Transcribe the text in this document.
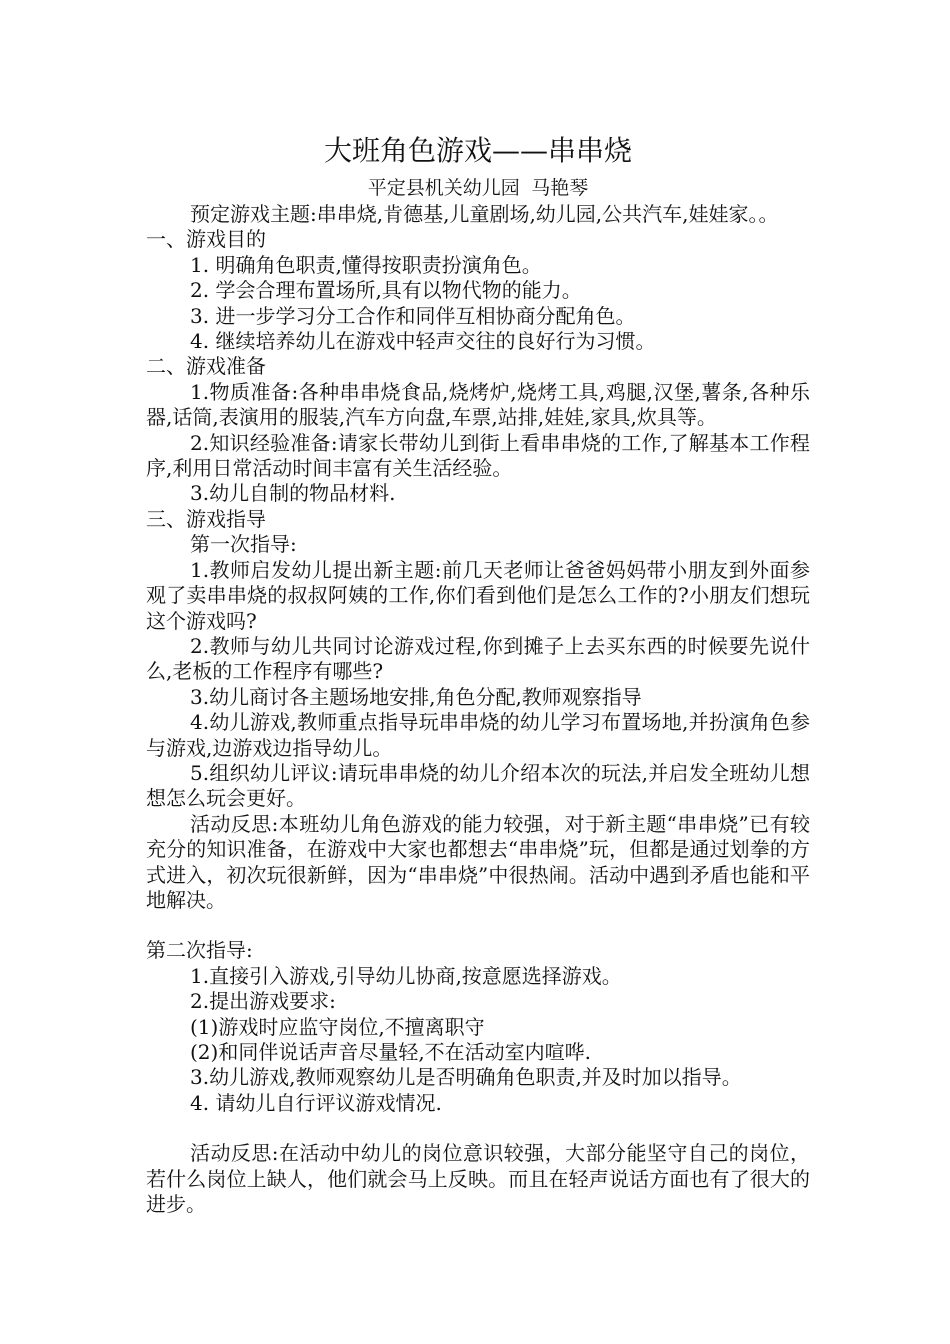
大班角色游戏——串串烧
平定县机关幼儿园 马艳琴

预定游戏主题:串串烧,肯德基,儿童剧场,幼儿园,公共汽车,娃娃家。。

一、游戏目的

1. 明确角色职责,懂得按职责扮演角色。

2. 学会合理布置场所,具有以物代物的能力。

3. 进一步学习分工合作和同伴互相协商分配角色。

4. 继续培养幼儿在游戏中轻声交往的良好行为习惯。

二、游戏准备

1.物质准备:各种串串烧食品,烧烤炉,烧烤工具,鸡腿,汉堡,薯条,各种乐器,话筒,表演用的服装,汽车方向盘,车票,站排,娃娃,家具,炊具等。

2.知识经验准备:请家长带幼儿到街上看串串烧的工作,了解基本工作程序,利用日常活动时间丰富有关生活经验。

3.幼儿自制的物品材料.

三、游戏指导

第一次指导:

1.教师启发幼儿提出新主题:前几天老师让爸爸妈妈带小朋友到外面参观了卖串串烧的叔叔阿姨的工作,你们看到他们是怎么工作的?小朋友们想玩这个游戏吗?

2.教师与幼儿共同讨论游戏过程,你到摊子上去买东西的时候要先说什么,老板的工作程序有哪些?

3.幼儿商讨各主题场地安排,角色分配,教师观察指导

4.幼儿游戏,教师重点指导玩串串烧的幼儿学习布置场地,并扮演角色参与游戏,边游戏边指导幼儿。

5.组织幼儿评议:请玩串串烧的幼儿介绍本次的玩法,并启发全班幼儿想想怎么玩会更好。

活动反思:本班幼儿角色游戏的能力较强，对于新主题“串串烧”已有较充分的知识准备，在游戏中大家也都想去“串串烧”玩，但都是通过划拳的方式进入，初次玩很新鲜，因为“串串烧”中很热闹。活动中遇到矛盾也能和平地解决。

第二次指导:

1.直接引入游戏,引导幼儿协商,按意愿选择游戏。

2.提出游戏要求:

(1)游戏时应监守岗位,不擅离职守

(2)和同伴说话声音尽量轻,不在活动室内喧哗.

3.幼儿游戏,教师观察幼儿是否明确角色职责,并及时加以指导。

4. 请幼儿自行评议游戏情况.

活动反思:在活动中幼儿的岗位意识较强，大部分能坚守自己的岗位，若什么岗位上缺人，他们就会马上反映。而且在轻声说话方面也有了很大的进步。
